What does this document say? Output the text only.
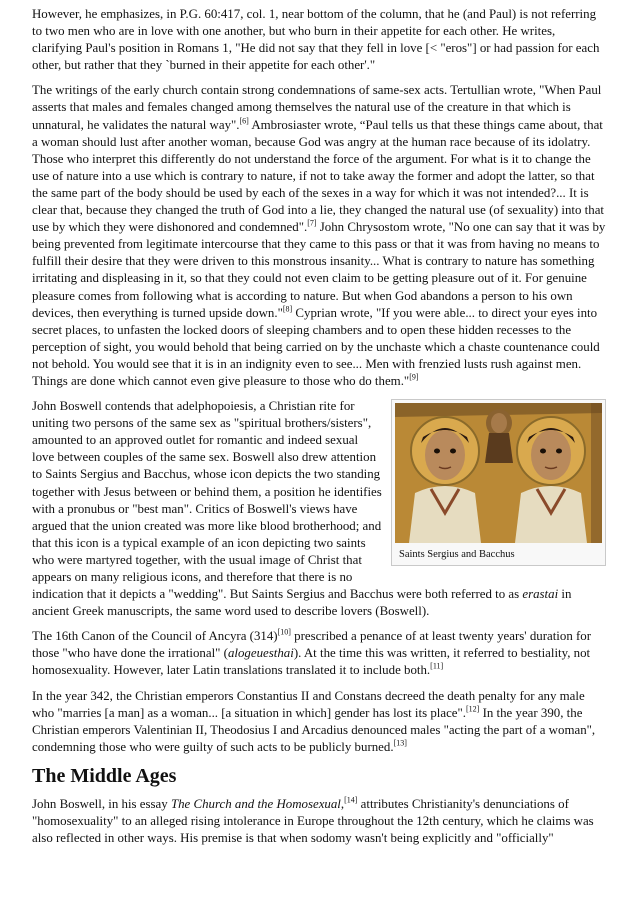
However, he emphasizes, in P.G. 60:417, col. 1, near bottom of the column, that he (and Paul) is not referring to two men who are in love with one another, but who burn in their appetite for each other. He writes, clarifying Paul's position in Romans 1, "He did not say that they fell in love [< "eros"] or had passion for each other, but rather that they `burned in their appetite for each other'."

The writings of the early church contain strong condemnations of same-sex acts. Tertullian wrote, "When Paul asserts that males and females changed among themselves the natural use of the creature in that which is unnatural, he validates the natural way".[6] Ambrosiaster wrote, “Paul tells us that these things came about, that a woman should lust after another woman, because God was angry at the human race because of its idolatry. Those who interpret this differently do not understand the force of the argument. For what is it to change the use of nature into a use which is contrary to nature, if not to take away the former and adopt the latter, so that the same part of the body should be used by each of the sexes in a way for which it was not intended?... It is clear that, because they changed the truth of God into a lie, they changed the natural use (of sexuality) into that use by which they were dishonored and condemned".[7] John Chrysostom wrote, "No one can say that it was by being prevented from legitimate intercourse that they came to this pass or that it was from having no means to fulfill their desire that they were driven to this monstrous insanity... What is contrary to nature has something irritating and displeasing in it, so that they could not even claim to be getting pleasure out of it. For genuine pleasure comes from following what is according to nature. But when God abandons a person to his own devices, then everything is turned upside down."[8] Cyprian wrote, "If you were able... to direct your eyes into secret places, to unfasten the locked doors of sleeping chambers and to open these hidden recesses to the perception of sight, you would behold that being carried on by the unchaste which a chaste countenance could not behold. You would see that it is in an indignity even to see... Men with frenzied lusts rush against men. Things are done which cannot even give pleasure to those who do them."[9]

Saints Sergius and Bacchus

John Boswell contends that adelphopoiesis, a Christian rite for uniting two persons of the same sex as "spiritual brothers/sisters", amounted to an approved outlet for romantic and indeed sexual love between couples of the same sex. Boswell also drew attention to Saints Sergius and Bacchus, whose icon depicts the two standing together with Jesus between or behind them, a position he identifies with a pronubus or "best man". Critics of Boswell's views have argued that the union created was more like blood brotherhood; and that this icon is a typical example of an icon depicting two saints who were martyred together, with the usual image of Christ that appears on many religious icons, and therefore that there is no indication that it depicts a "wedding". But Saints Sergius and Bacchus were both referred to as erastai in ancient Greek manuscripts, the same word used to describe lovers (Boswell).

The 16th Canon of the Council of Ancyra (314)[10] prescribed a penance of at least twenty years' duration for those "who have done the irrational" (alogeuesthai). At the time this was written, it referred to bestiality, not homosexuality. However, later Latin translations translated it to include both.[11]

In the year 342, the Christian emperors Constantius II and Constans decreed the death penalty for any male who "marries [a man] as a woman... [a situation in which] gender has lost its place".[12] In the year 390, the Christian emperors Valentinian II, Theodosius I and Arcadius denounced males "acting the part of a woman", condemning those who were guilty of such acts to be publicly burned.[13]

The Middle Ages

John Boswell, in his essay The Church and the Homosexual,[14] attributes Christianity's denunciations of "homosexuality" to an alleged rising intolerance in Europe throughout the 12th century, which he claims was also reflected in other ways. His premise is that when sodomy wasn't being explicitly and "officially"
